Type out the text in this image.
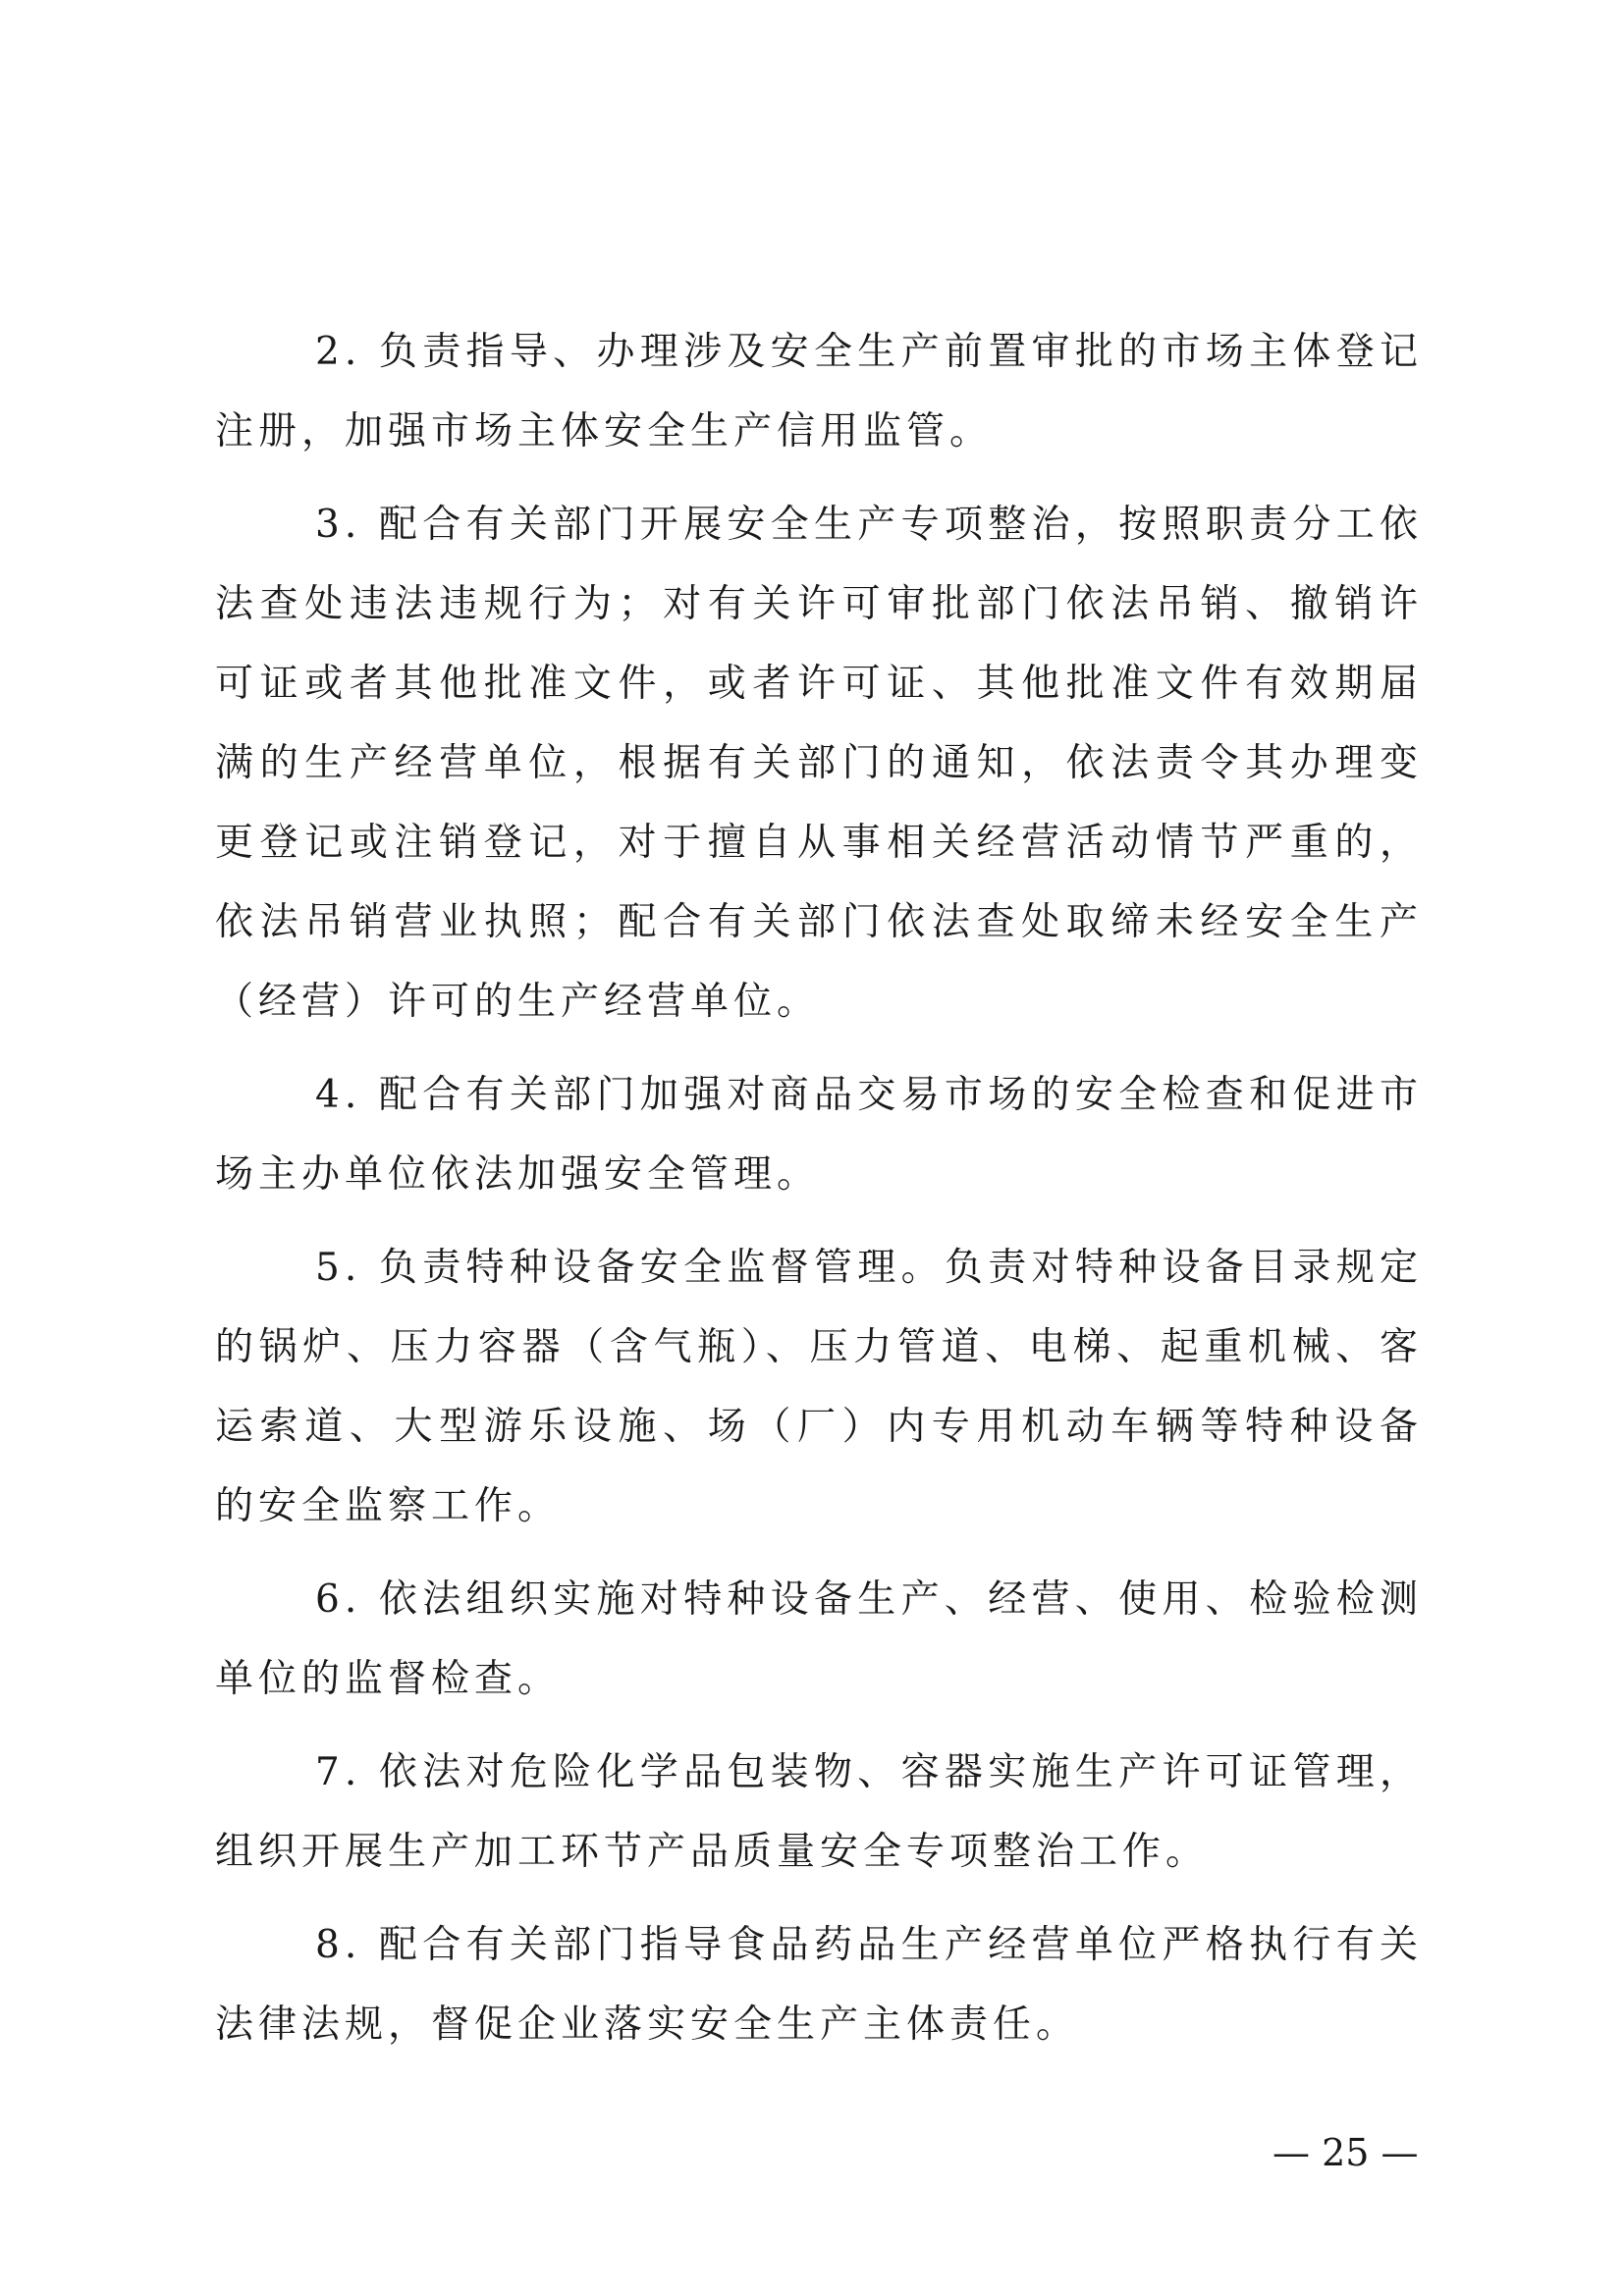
2. 负责指导、办理涉及安全生产前置审批的市场主体登记注册，加强市场主体安全生产信用监管。

3. 配合有关部门开展安全生产专项整治，按照职责分工依法查处违法违规行为；对有关许可审批部门依法吊销、撤销许可证或者其他批准文件，或者许可证、其他批准文件有效期届满的生产经营单位，根据有关部门的通知，依法责令其办理变更登记或注销登记，对于擅自从事相关经营活动情节严重的，依法吊销营业执照；配合有关部门依法查处取缔未经安全生产（经营）许可的生产经营单位。

4. 配合有关部门加强对商品交易市场的安全检查和促进市场主办单位依法加强安全管理。

5. 负责特种设备安全监督管理。负责对特种设备目录规定的锅炉、压力容器（含气瓶）、压力管道、电梯、起重机械、客运索道、大型游乐设施、场（厂）内专用机动车辆等特种设备的安全监察工作。

6. 依法组织实施对特种设备生产、经营、使用、检验检测单位的监督检查。

7. 依法对危险化学品包装物、容器实施生产许可证管理，组织开展生产加工环节产品质量安全专项整治工作。

8. 配合有关部门指导食品药品生产经营单位严格执行有关法律法规，督促企业落实安全生产主体责任。

— 25 —
